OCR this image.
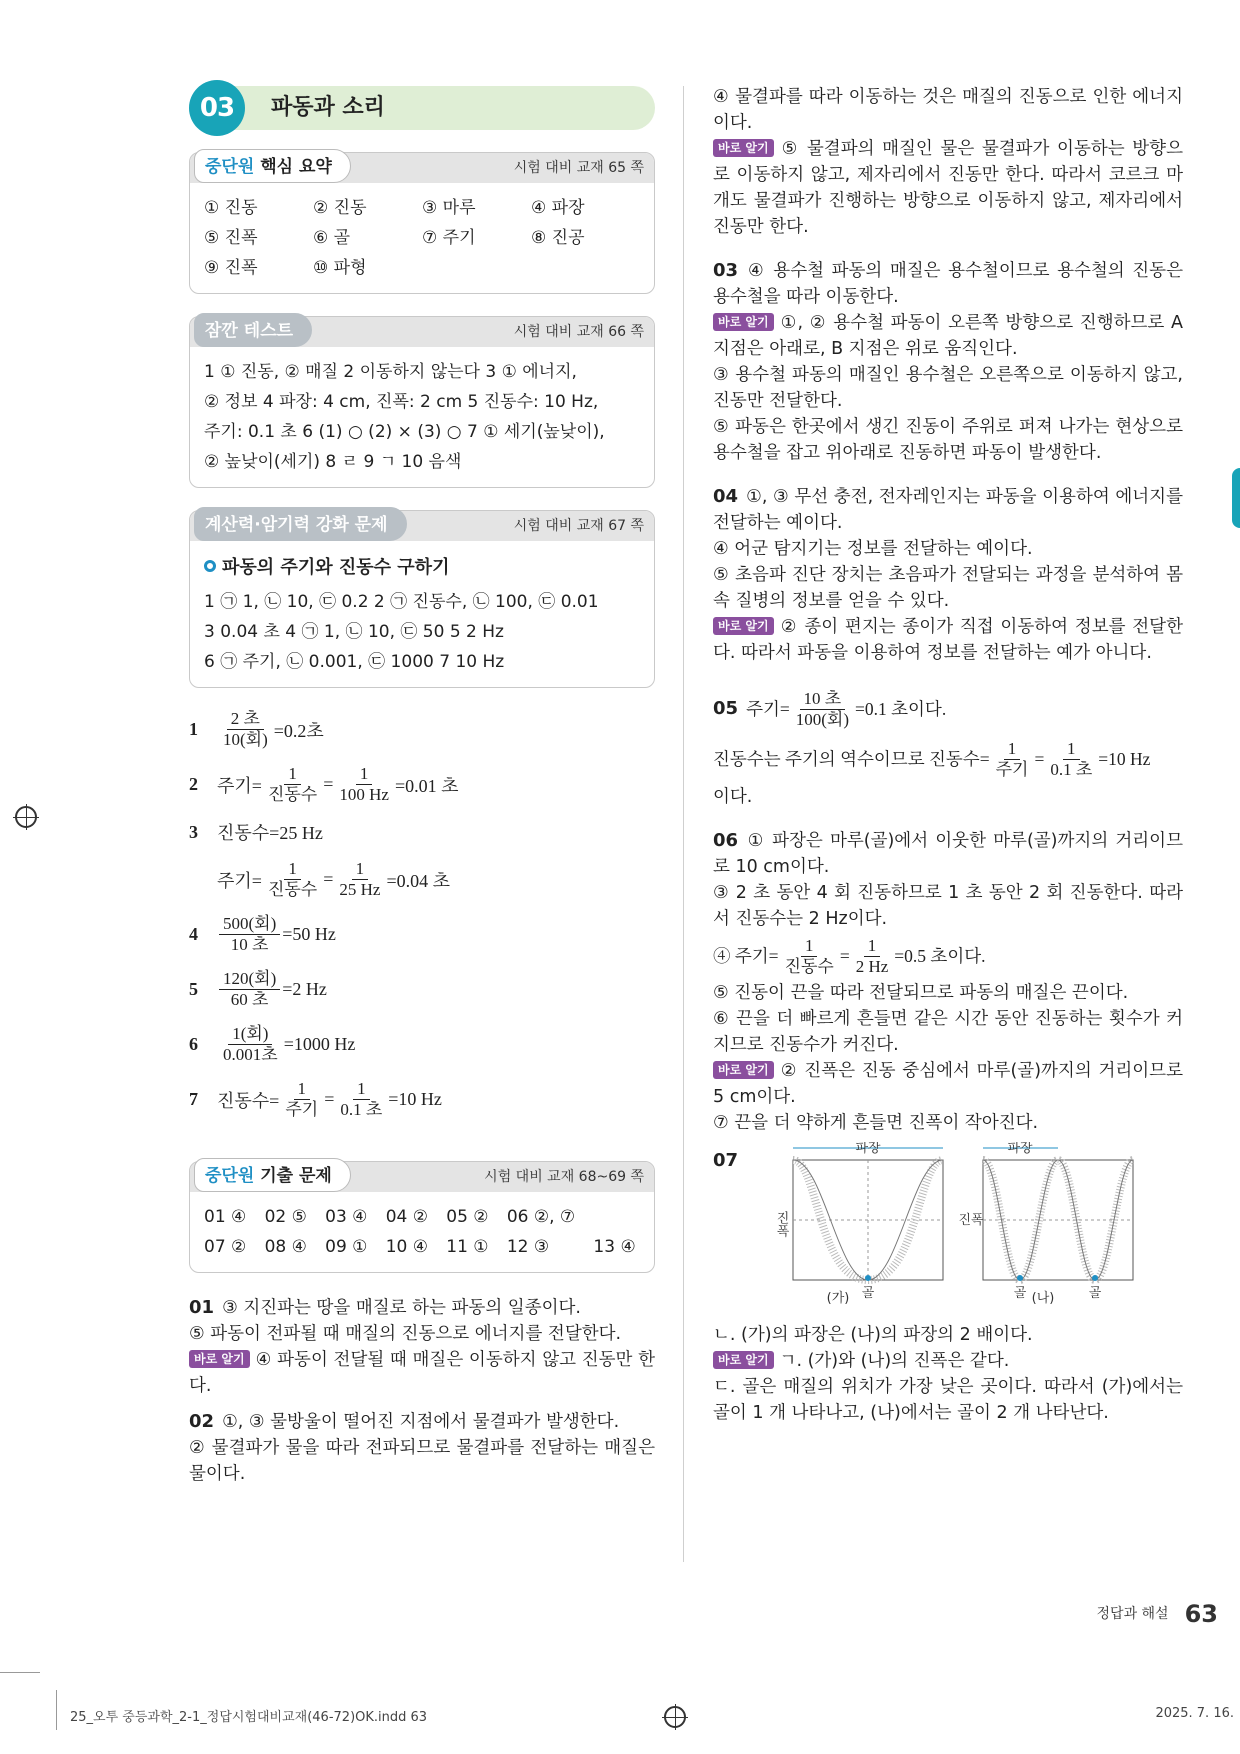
03	파동과 소리
중단원 핵심 요약	시험 대비 교재 65 쪽
① 진동	② 진동	③ 마루	④ 파장
⑤ 진폭	⑥ 골	⑦ 주기	⑧ 진공
⑨ 진폭	⑩ 파형
잠깐 테스트	시험 대비 교재 66 쪽
1 ① 진동, ② 매질 2 이동하지 않는다 3 ① 에너지,
② 정보 4 파장: 4 cm, 진폭: 2 cm 5 진동수: 10 Hz,
주기: 0.1 초 6 (1) ○ (2) × (3) ○ 7 ① 세기(높낮이),
② 높낮이(세기) 8 ㄹ 9 ㄱ 10 음색
계산력·암기력 강화 문제	시험 대비 교재 67 쪽
파동의 주기와 진동수 구하기
1 ㉠ 1, ㉡ 10, ㉢ 0.2 2 ㉠ 진동수, ㉡ 100, ㉢ 0.01
3 0.04 초 4 ㉠ 1, ㉡ 10, ㉢ 50 5 2 Hz
6 ㉠ 주기, ㉡ 0.001, ㉢ 1000 7 10 Hz
1	$\frac{\text{2 초}}{\text{10(회)}} =0.2$초
2	주기= $\frac{1}{\text{진동수}} = \frac{1}{100 Hz} =0.01$ 초
3	진동수=25 Hz
주기= $\frac{1}{\text{진동수}} = \frac{1}{25 Hz} =0.04$ 초
4	$\frac{\text{500(회)}}{\text{10 초}} =50$ Hz
5	$\frac{\text{120(회)}}{\text{60 초}} =2$ Hz
6	$\frac{\text{1(회)}}{\text{0.001초}} =1000$ Hz
7	진동수= $\frac{1}{\text{주기}} = \frac{1}{\text{0.1 초}} =10$ Hz
중단원 기출 문제	시험 대비 교재 68~69 쪽
01 ④ 02 ⑤ 03 ④ 04 ② 05 ② 06 ②, ⑦
07 ② 08 ④ 09 ① 10 ④ 11 ① 12 ③	13 ④
01 ③ 지진파는 땅을 매질로 하는 파동의 일종이다.
⑤ 파동이 전파될 때 매질의 진동으로 에너지를 전달한다.
바로 알기 ④ 파동이 전달될 때 매질은 이동하지 않고 진동만 한다.
02 ①, ③ 물방울이 떨어진 지점에서 물결파가 발생한다.
② 물결파가 물을 따라 전파되므로 물결파를 전달하는 매질은 물이다.
④ 물결파를 따라 이동하는 것은 매질의 진동으로 인한 에너지이다.
바로 알기 ⑤ 물결파의 매질인 물은 물결파가 이동하는 방향으로 이동하지 않고, 제자리에서 진동만 한다. 따라서 코르크 마개도 물결파가 진행하는 방향으로 이동하지 않고, 제자리에서 진동만 한다.
03 ④ 용수철 파동의 매질은 용수철이므로 용수철의 진동은 용수철을 따라 이동한다.
바로 알기 ①, ② 용수철 파동이 오른쪽 방향으로 진행하므로 A 지점은 아래로, B 지점은 위로 움직인다.
③ 용수철 파동의 매질인 용수철은 오른쪽으로 이동하지 않고, 진동만 전달한다.
⑤ 파동은 한곳에서 생긴 진동이 주위로 퍼져 나가는 현상으로 용수철을 잡고 위아래로 진동하면 파동이 발생한다.
04 ①, ③ 무선 충전, 전자레인지는 파동을 이용하여 에너지를 전달하는 예이다.
④ 어군 탐지기는 정보를 전달하는 예이다.
⑤ 초음파 진단 장치는 초음파가 전달되는 과정을 분석하여 몸 속 질병의 정보를 얻을 수 있다.
바로 알기 ② 종이 편지는 종이가 직접 이동하여 정보를 전달한다. 따라서 파동을 이용하여 정보를 전달하는 예가 아니다.
05 주기= $\frac{\text{10 초}}{\text{100(회)}} =0.1$ 초이다.
진동수는 주기의 역수이므로 진동수= $\frac{1}{\text{주기}} = \frac{1}{\text{0.1 초}} =10$ Hz
이다.
06 ① 파장은 마루(골)에서 이웃한 마루(골)까지의 거리이므로 10 cm이다.
③ 2 초 동안 4 회 진동하므로 1 초 동안 2 회 진동한다. 따라서 진동수는 2 Hz이다.
④ 주기= $\frac{1}{\text{진동수}} = \frac{1}{2 Hz} =0.5$ 초이다.
⑤ 진동이 끈을 따라 전달되므로 파동의 매질은 끈이다.
⑥ 끈을 더 빠르게 흔들면 같은 시간 동안 진동하는 횟수가 커지므로 진동수가 커진다.
바로 알기 ② 진폭은 진동 중심에서 마루(골)까지의 거리이므로 5 cm이다.
⑦ 끈을 더 약하게 흔들면 진폭이 작아진다.
07
파장
진폭
골
(가)
파장
진폭
골	골
(나)
ㄴ. (가)의 파장은 (나)의 파장의 2 배이다.
바로 알기 ㄱ. (가)와 (나)의 진폭은 같다.
ㄷ. 골은 매질의 위치가 가장 낮은 곳이다. 따라서 (가)에서는 골이 1 개 나타나고, (나)에서는 골이 2 개 나타난다.
정답과 해설 63
25_오투 중등과학_2-1_정답시험대비교재(46-72)OK.indd 63	2025. 7. 16.
